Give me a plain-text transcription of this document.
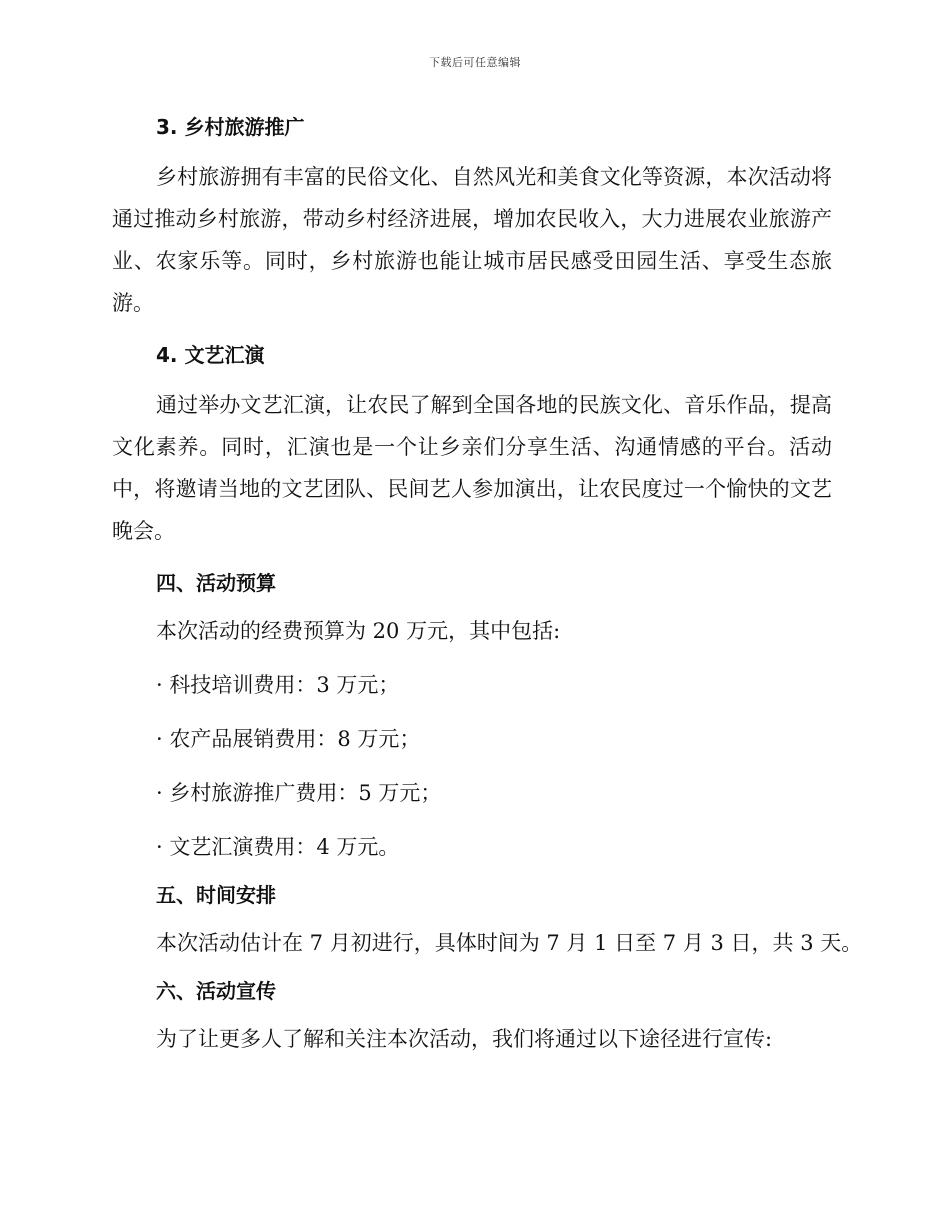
下载后可任意编辑
3. 乡村旅游推广

乡村旅游拥有丰富的民俗文化、自然风光和美食文化等资源，本次活动将通过推动乡村旅游，带动乡村经济进展，增加农民收入，大力进展农业旅游产业、农家乐等。同时，乡村旅游也能让城市居民感受田园生活、享受生态旅游。

4. 文艺汇演

通过举办文艺汇演，让农民了解到全国各地的民族文化、音乐作品，提高文化素养。同时，汇演也是一个让乡亲们分享生活、沟通情感的平台。活动中，将邀请当地的文艺团队、民间艺人参加演出，让农民度过一个愉快的文艺晚会。

四、活动预算
本次活动的经费预算为 20 万元，其中包括:
· 科技培训费用：3 万元；
· 农产品展销费用：8 万元；
· 乡村旅游推广费用：5 万元；
· 文艺汇演费用：4 万元。
五、时间安排
本次活动估计在 7 月初进行，具体时间为 7 月 1 日至 7 月 3 日，共 3 天。
六、活动宣传
为了让更多人了解和关注本次活动，我们将通过以下途径进行宣传:
